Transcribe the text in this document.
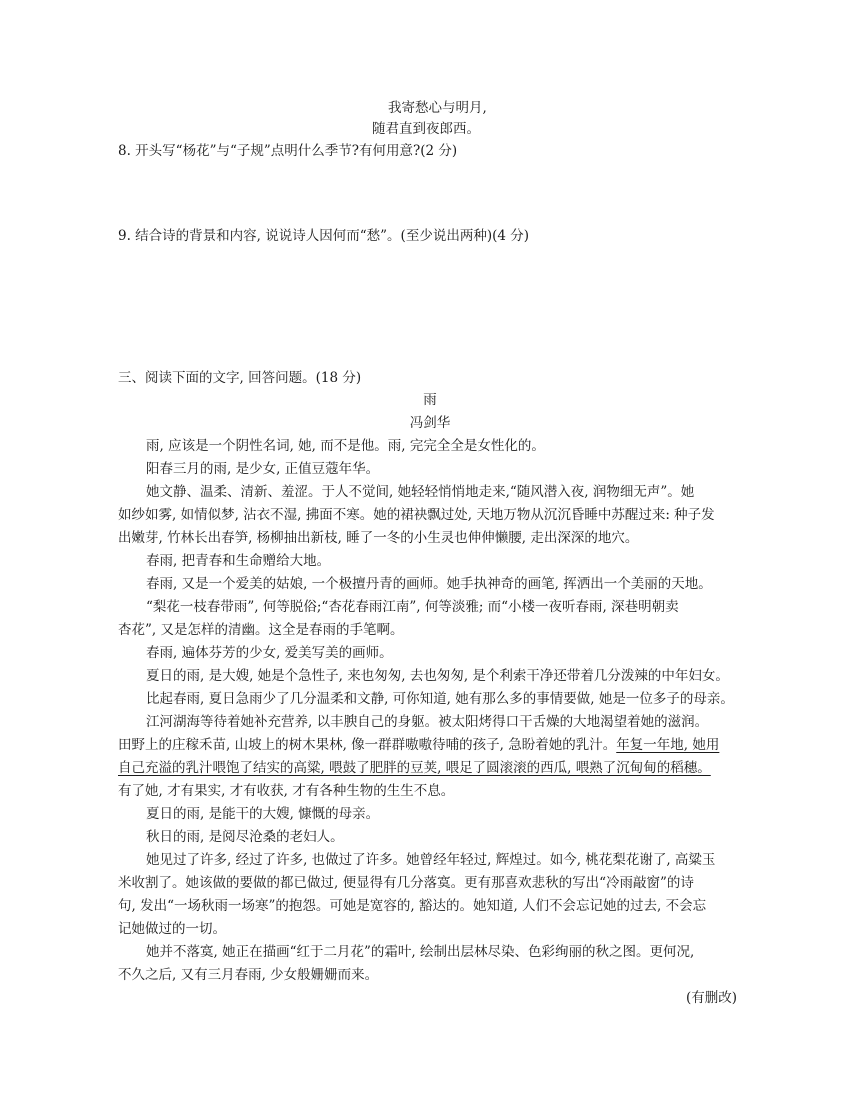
我寄愁心与明月,
随君直到夜郎西。
8. 开头写“杨花”与“子规”点明什么季节?有何用意?(2 分)
9. 结合诗的背景和内容, 说说诗人因何而“愁”。(至少说出两种)(4 分)
三、阅读下面的文字, 回答问题。(18 分)
雨
冯剑华
雨, 应该是一个阴性名词, 她, 而不是他。雨, 完完全全是女性化的。
阳春三月的雨, 是少女, 正值豆蔻年华。
她文静、温柔、清新、羞涩。于人不觉间, 她轻轻悄悄地走来,“随风潜入夜, 润物细无声”。她
如纱如雾, 如情似梦, 沾衣不湿, 拂面不寒。她的裙袂飘过处, 天地万物从沉沉昏睡中苏醒过来: 种子发
出嫩芽, 竹林长出春笋, 杨柳抽出新枝, 睡了一冬的小生灵也伸伸懒腰, 走出深深的地穴。
春雨, 把青春和生命赠给大地。
春雨, 又是一个爱美的姑娘, 一个极擅丹青的画师。她手执神奇的画笔, 挥洒出一个美丽的天地。
“梨花一枝春带雨”, 何等脱俗;“杏花春雨江南”, 何等淡雅; 而“小楼一夜听春雨, 深巷明朝卖
杏花”, 又是怎样的清幽。这全是春雨的手笔啊。
春雨, 遍体芬芳的少女, 爱美写美的画师。
夏日的雨, 是大嫂, 她是个急性子, 来也匆匆, 去也匆匆, 是个利索干净还带着几分泼辣的中年妇女。
比起春雨, 夏日急雨少了几分温柔和文静, 可你知道, 她有那么多的事情要做, 她是一位多子的母亲。
江河湖海等待着她补充营养, 以丰腴自己的身躯。被太阳烤得口干舌燥的大地渴望着她的滋润。
田野上的庄稼禾苗, 山坡上的树木果林, 像一群群嗷嗷待哺的孩子, 急盼着她的乳汁。年复一年地, 她用
自己充溢的乳汁喂饱了结实的高粱, 喂鼓了肥胖的豆荚, 喂足了圆滚滚的西瓜, 喂熟了沉甸甸的稻穗。
有了她, 才有果实, 才有收获, 才有各种生物的生生不息。
夏日的雨, 是能干的大嫂, 慷慨的母亲。
秋日的雨, 是阅尽沧桑的老妇人。
她见过了许多, 经过了许多, 也做过了许多。她曾经年轻过, 辉煌过。如今, 桃花梨花谢了, 高粱玉
米收割了。她该做的要做的都已做过, 便显得有几分落寞。更有那喜欢悲秋的写出“冷雨敲窗”的诗
句, 发出“一场秋雨一场寒”的抱怨。可她是宽容的, 豁达的。她知道, 人们不会忘记她的过去, 不会忘
记她做过的一切。
她并不落寞, 她正在描画“红于二月花”的霜叶, 绘制出层林尽染、色彩绚丽的秋之图。更何况,
不久之后, 又有三月春雨, 少女般姗姗而来。
(有删改)
